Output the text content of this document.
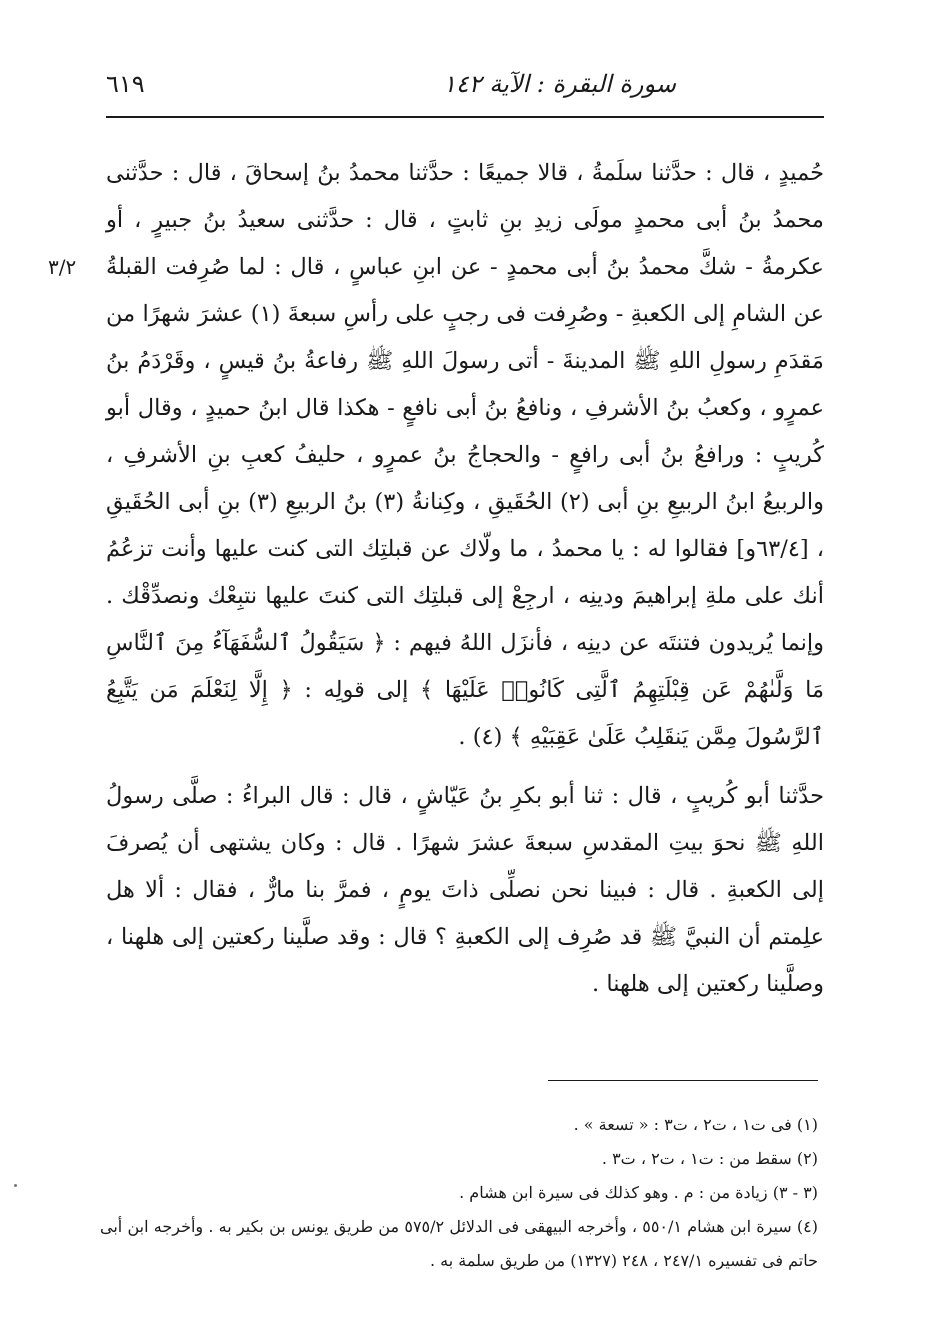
سورة البقرة : الآية ١٤٢
٦١٩
٣/٢

حُميدٍ ، قال : حدَّثنا سلَمةُ ، قالا جميعًا : حدَّثنا محمدُ بنُ إسحاقَ ، قال : حدَّثنى محمدُ بنُ أبى محمدٍ مولَى زيدِ بنِ ثابتٍ ، قال : حدَّثنى سعيدُ بنُ جبيرٍ ، أو عكرمةُ - شكَّ محمدُ بنُ أبى محمدٍ - عن ابنِ عباسٍ ، قال : لما صُرِفت القبلةُ عن الشامِ إلى الكعبةِ - وصُرِفت فى رجبٍ على رأسِ سبعةَ (١) عشرَ شهرًا من مَقدَمِ رسولِ اللهِ ﷺ المدينةَ - أتى رسولَ اللهِ ﷺ رفاعةُ بنُ قيسٍ ، وقَرْدَمُ بنُ عمرٍو ، وكعبُ بنُ الأشرفِ ، ونافعُ بنُ أبى نافعٍ - هكذا قال ابنُ حميدٍ ، وقال أبو كُريبٍ : ورافعُ بنُ أبى رافعٍ - والحجاجُ بنُ عمرٍو ، حليفُ كعبِ بنِ الأشرفِ ، والربيعُ ابنُ الربيعِ بنِ أبى (٢) الحُقَيقِ ، وكِنانةُ (٣) بنُ الربيعِ (٣) بنِ أبى الحُقَيقِ ، [٦٣/٤و] فقالوا له : يا محمدُ ، ما ولّاك عن قبلتِك التى كنت عليها وأنت تزعُمُ أنك على ملةِ إبراهيمَ ودينِه ، ارجِعْ إلى قبلتِك التى كنتَ عليها نتبِعْك ونصدِّقْك . وإنما يُريدون فتنتَه عن دينِه ، فأنزَل اللهُ فيهم : ﴿ سَيَقُولُ ٱلسُّفَهَآءُ مِنَ ٱلنَّاسِ مَا وَلَّىٰهُمْ عَن قِبْلَتِهِمُ ٱلَّتِى كَانُوا۟ عَلَيْهَا ﴾ إلى قولِه : ﴿ إِلَّا لِنَعْلَمَ مَن يَتَّبِعُ ٱلرَّسُولَ مِمَّن يَنقَلِبُ عَلَىٰ عَقِبَيْهِ ﴾ (٤) .

حدَّثنا أبو كُريبٍ ، قال : ثنا أبو بكرِ بنُ عَيّاشٍ ، قال : قال البراءُ : صلَّى رسولُ اللهِ ﷺ نحوَ بيتِ المقدسِ سبعةَ عشرَ شهرًا . قال : وكان يشتهى أن يُصرفَ إلى الكعبةِ . قال : فبينا نحن نصلِّى ذاتَ يومٍ ، فمرَّ بنا مارٌّ ، فقال : ألا هل علِمتم أن النبيَّ ﷺ قد صُرِف إلى الكعبةِ ؟ قال : وقد صلَّينا ركعتين إلى هلهنا ، وصلَّينا ركعتين إلى هلهنا .

(١) فى ت١ ، ت٢ ، ت٣ : « تسعة » .

(٢) سقط من : ت١ ، ت٢ ، ت٣ .

(٣ - ٣) زيادة من : م . وهو كذلك فى سيرة ابن هشام .

(٤) سيرة ابن هشام ٥٥٠/١ ، وأخرجه البيهقى فى الدلائل ٥٧٥/٢ من طريق يونس بن بكير به . وأخرجه ابن أبى حاتم فى تفسيره ٢٤٧/١ ، ٢٤٨ (١٣٢٧) من طريق سلمة به .
